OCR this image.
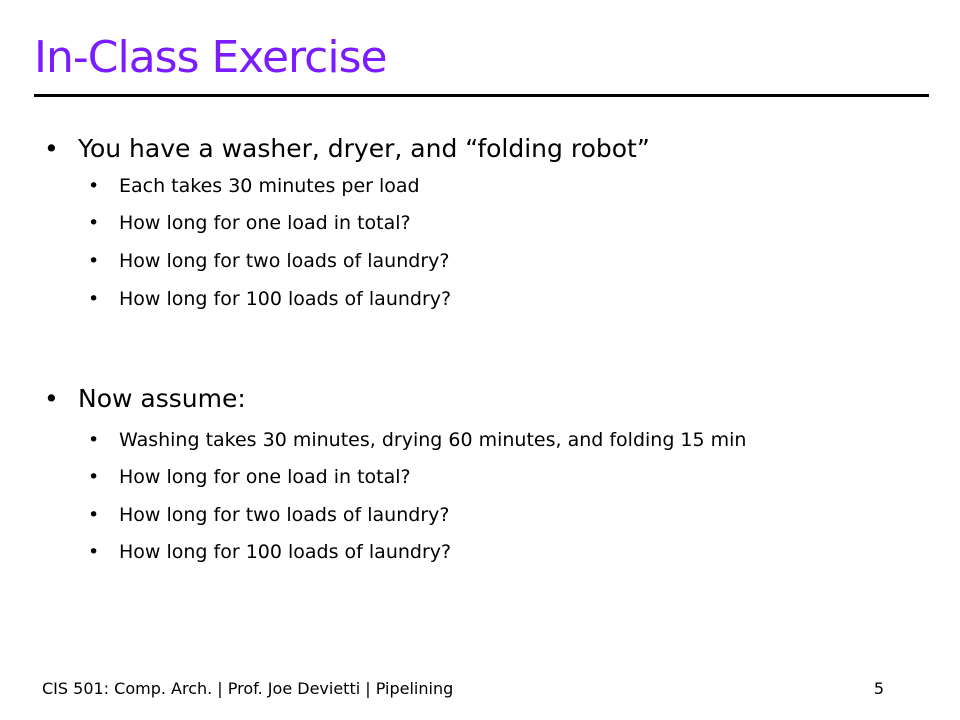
In-Class Exercise
• You have a washer, dryer, and “folding robot”
• Each takes 30 minutes per load
• How long for one load in total?
• How long for two loads of laundry?
• How long for 100 loads of laundry?
• Now assume:
• Washing takes 30 minutes, drying 60 minutes, and folding 15 min
• How long for one load in total?
• How long for two loads of laundry?
• How long for 100 loads of laundry?
CIS 501: Comp. Arch. | Prof. Joe Devietti | Pipelining	5
